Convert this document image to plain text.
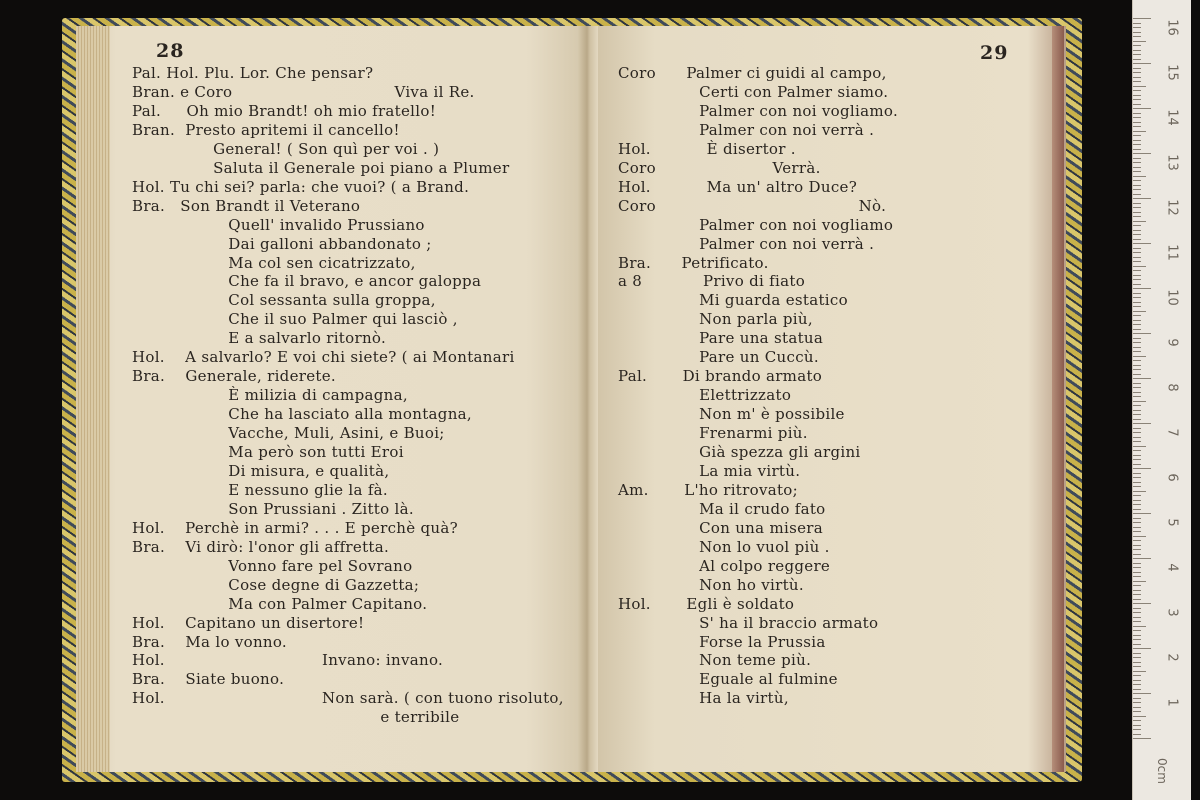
28	29
Pal. Hol. Plu. Lor. Che pensar?
Bran. e Coro                                Viva il Re.
Pal.     Oh mio Brandt! oh mio fratello!
Bran.  Presto apritemi il cancello!
General! ( Son quì per voi . )
Saluta il Generale poi piano a Plumer
Hol. Tu chi sei? parla: che vuoi? ( a Brand.
Bra.   Son Brandt il Veterano
Quell' invalido Prussiano
Dai galloni abbandonato ;
Ma col sen cicatrizzato,
Che fa il bravo, e ancor galoppa
Col sessanta sulla groppa,
Che il suo Palmer qui lasciò ,
E a salvarlo ritornò.
Hol.    A salvarlo? E voi chi siete? ( ai Montanari
Bra.    Generale, riderete.
È milizia di campagna,
Che ha lasciato alla montagna,
Vacche, Muli, Asini, e Buoi;
Ma però son tutti Eroi
Di misura, e qualità,
E nessuno glie la fà.
Son Prussiani . Zitto là.
Hol.    Perchè in armi? . . . E perchè quà?
Bra.    Vi dirò: l'onor gli affretta.
Vonno fare pel Sovrano
Cose degne di Gazzetta;
Ma con Palmer Capitano.
Hol.    Capitano un disertore!
Bra.    Ma lo vonno.
Hol.                               Invano: invano.
Bra.    Siate buono.
Hol.                               Non sarà. ( con tuono risoluto,
e terribile
Coro      Palmer ci guidi al campo,
Certi con Palmer siamo.
Palmer con noi vogliamo.
Palmer con noi verrà .
Hol.           È disertor .
Coro                       Verrà.
Hol.           Ma un' altro Duce?
Coro                                        Nò.
Palmer con noi vogliamo
Palmer con noi verrà .
Bra.      Petrificato.
a 8            Privo di fiato
Mi guarda estatico
Non parla più,
Pare una statua
Pare un Cuccù.
Pal.       Di brando armato
Elettrizzato
Non m' è possibile
Frenarmi più.
Già spezza gli argini
La mia virtù.
Am.       L'ho ritrovato;
Ma il crudo fato
Con una misera
Non lo vuol più .
Al colpo reggere
Non ho virtù.
Hol.       Egli è soldato
S' ha il braccio armato
Forse la Prussia
Non teme più.
Eguale al fulmine
Ha la virtù,
16
15
14
13
12
11
10
9
8
7
6
5
4
3
2
1
0cm
